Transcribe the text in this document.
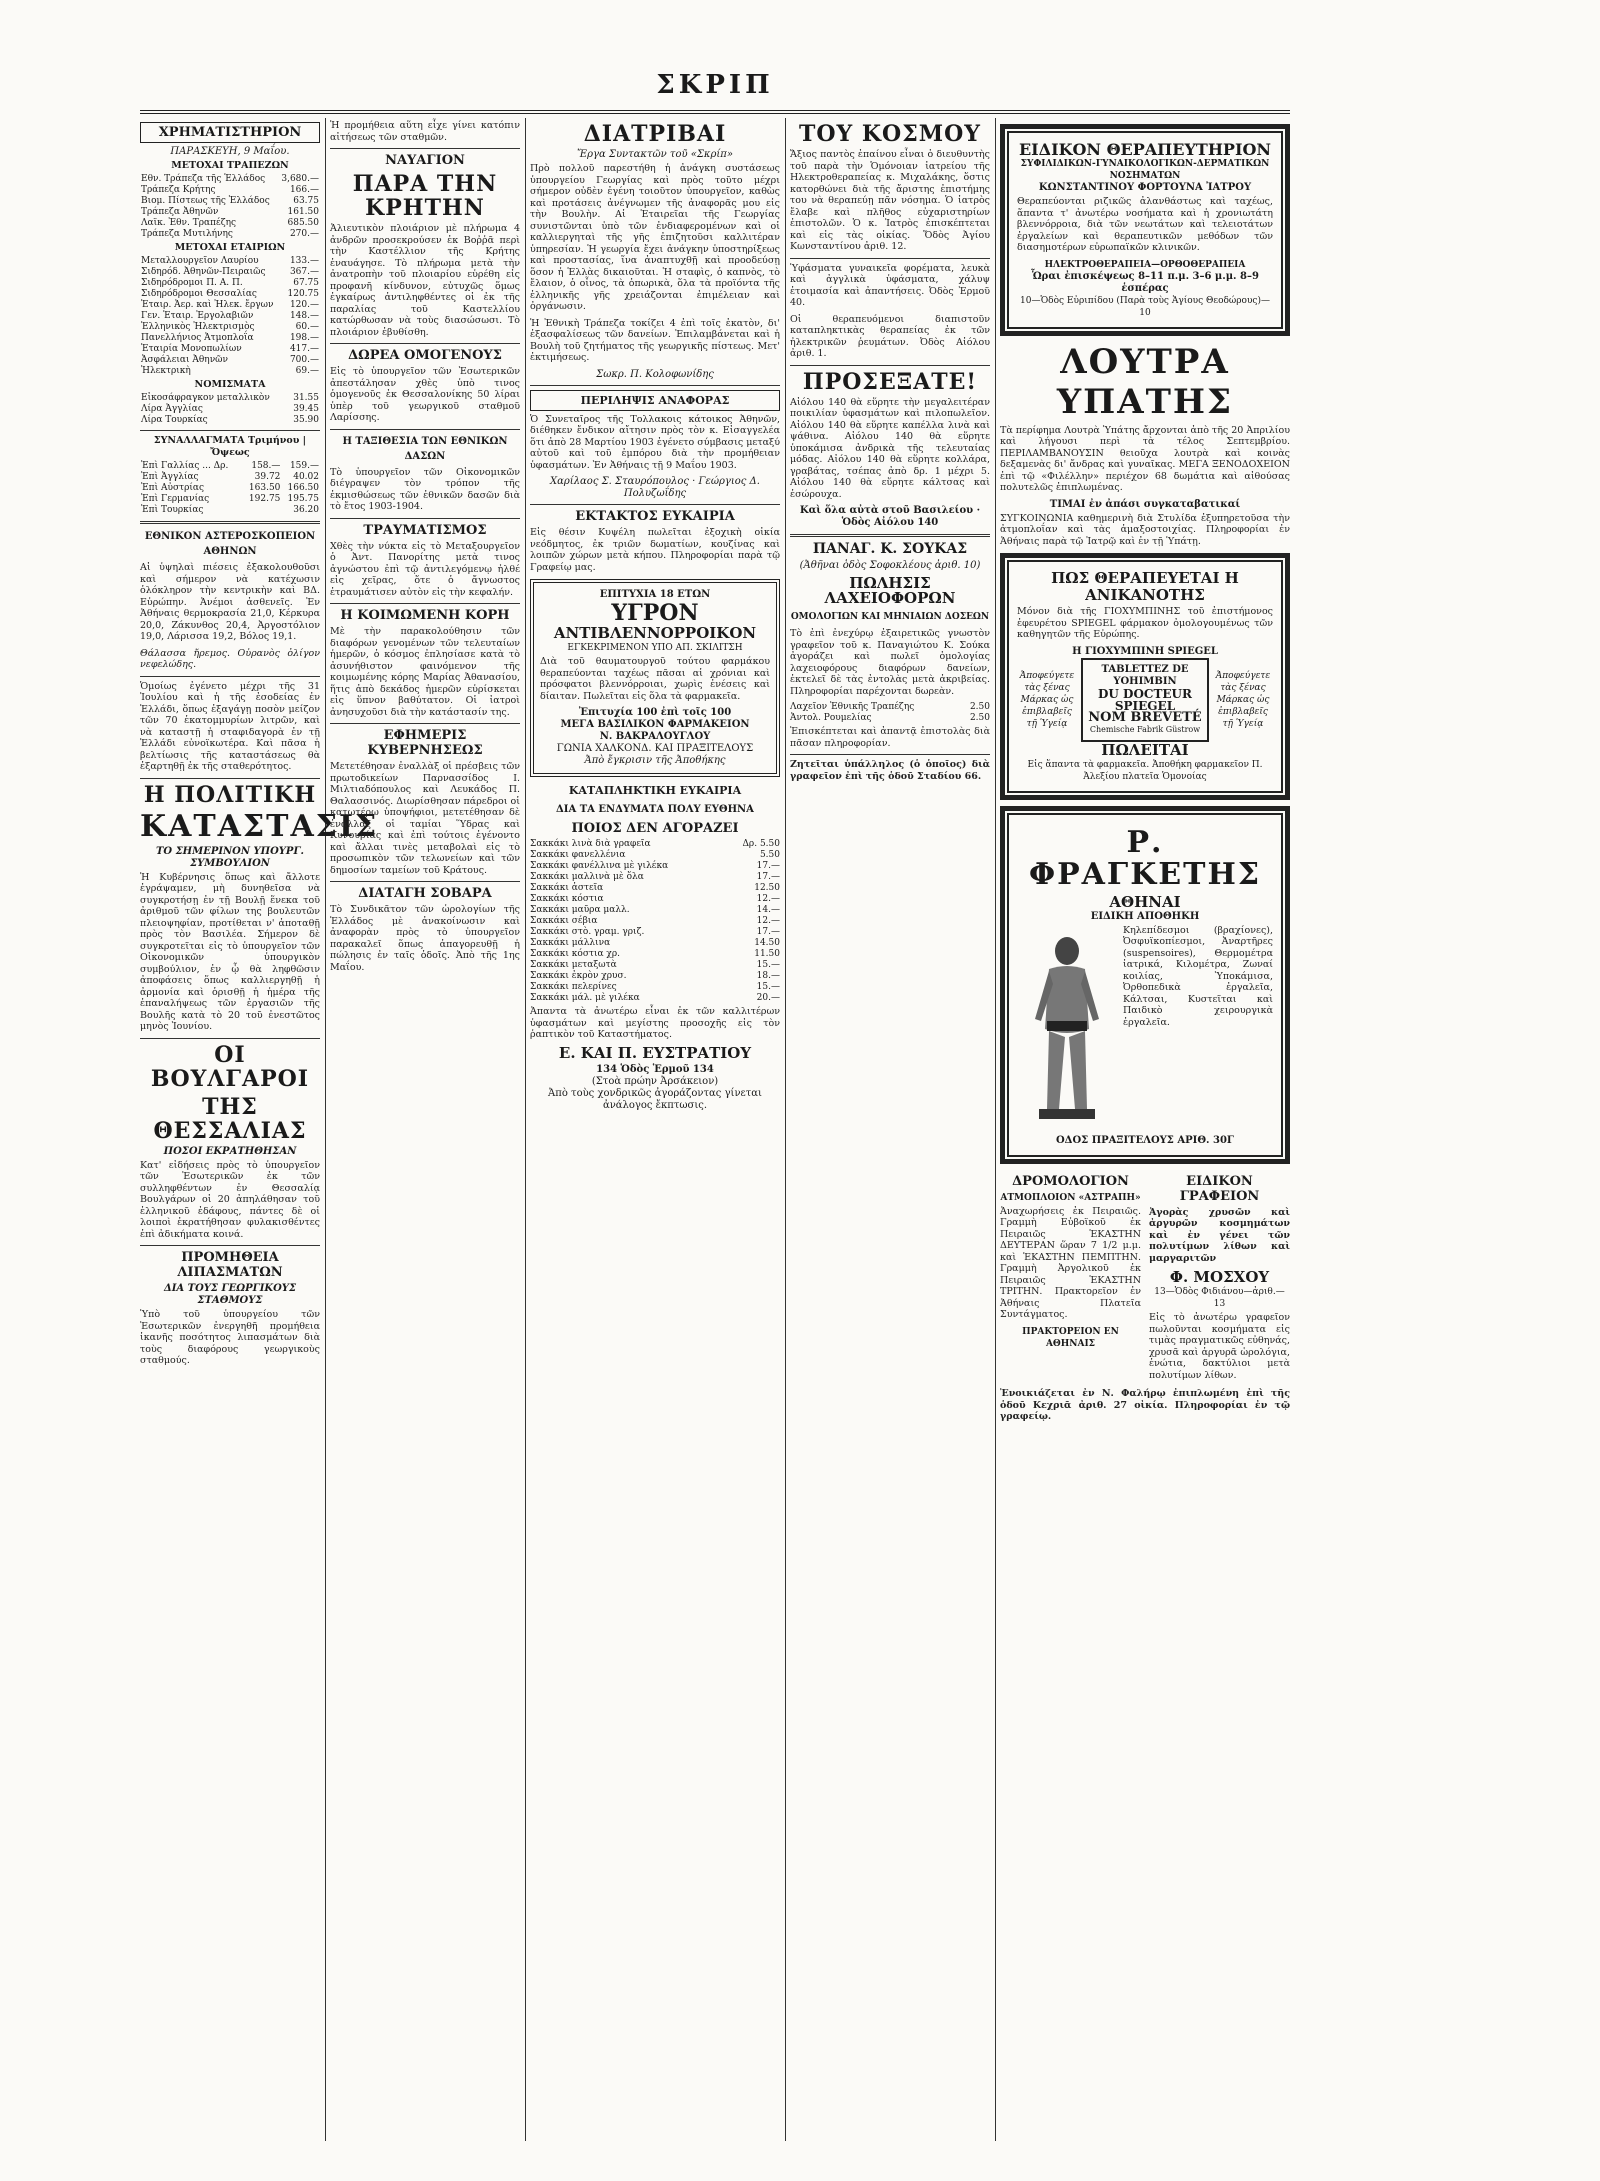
ΣΚΡΙΠ
ΧΡΗΜΑΤΙΣΤΗΡΙΟΝ
ΠΑΡΑΣΚΕΥΗ, 9 Μαΐου.
ΜΕΤΟΧΑΙ ΤΡΑΠΕΖΩΝ
Εθν. Τράπεζα τῆς Ἑλλάδος	3,680.—
Τράπεζα Κρήτης	166.—
Βιομ. Πίστεως τῆς Ἑλλάδος	63.75
Τράπεζα Ἀθηνῶν	161.50
Λαϊκ. Ἐθν. Τραπέζης	685.50
Τράπεζα Μυτιλήνης	270.—
ΜΕΤΟΧΑΙ ΕΤΑΙΡΙΩΝ
Μεταλλουργεῖον Λαυρίου	133.—
Σιδηρόδ. Ἀθηνῶν-Πειραιῶς	367.—
Σιδηρόδρομοι Π. Α. Π.	67.75
Σιδηρόδρομοι Θεσσαλίας	120.75
Ἑταιρ. Ἀερ. καὶ Ἠλεκ. ἔργων	120.—
Γεν. Ἑταιρ. Ἐργολαβιῶν	148.—
Ἑλληνικὸς Ἠλεκτρισμὸς	60.—
Πανελλήνιος Ἀτμοπλοΐα	198.—
Ἑταιρία Μονοπωλίων	417.—
Ἀσφάλειαι Ἀθηνῶν	700.—
Ἠλεκτρικὴ	69.—
ΝΟΜΙΣΜΑΤΑ
Εἰκοσάφραγκον μεταλλικὸν	31.55
Λίρα Ἀγγλίας	39.45
Λίρα Τουρκίας	35.90
ΣΥΝΑΛΛΑΓΜΑΤΑ Τριμήνου | Ὄψεως
Ἐπὶ Γαλλίας ... Δρ.	158.—	159.—
Ἐπὶ Ἀγγλίας	39.72	40.02
Ἐπὶ Αὐστρίας	163.50	166.50
Ἐπὶ Γερμανίας	192.75	195.75
Ἐπὶ Τουρκίας		36.20
ΕΘΝΙΚΟΝ ΑΣΤΕΡΟΣΚΟΠΕΙΟΝ ΑΘΗΝΩΝ
Αἱ ὑψηλαὶ πιέσεις ἐξακολουθοῦσι καὶ σήμερον νὰ κατέχωσιν ὁλόκληρον τὴν κεντρικὴν καὶ ΒΔ. Εὐρώπην. Ἀνέμοι ἀσθενεῖς. Ἐν Ἀθήναις θερμοκρασία 21,0, Κέρκυρα 20,0, Ζάκυνθος 20,4, Ἀργοστόλιον 19,0, Λάρισσα 19,2, Βόλος 19,1.
Θάλασσα ἤρεμος. Οὐρανὸς ὀλίγον νεφελώδης.
Ὁμοίως ἐγένετο μέχρι τῆς 31 Ἰουλίου καὶ ἡ τῆς ἐσοδείας ἐν Ἑλλάδι, ὅπως ἐξαγάγῃ ποσὸν μείζον τῶν 70 ἑκατομμυρίων λιτρῶν, καὶ νὰ καταστῇ ἡ σταφιδαγορὰ ἐν τῇ Ἑλλάδι εὐνοϊκωτέρα. Καὶ πᾶσα ἡ βελτίωσις τῆς καταστάσεως θὰ ἐξαρτηθῇ ἐκ τῆς σταθερότητος.
Η ΠΟΛΙΤΙΚΗ
ΚΑΤΑΣΤΑΣΙΣ
ΤΟ ΣΗΜΕΡΙΝΟΝ ΥΠΟΥΡΓ. ΣΥΜΒΟΥΛΙΟΝ
Ἡ Κυβέρνησις ὅπως καὶ ἄλλοτε ἐγράψαμεν, μὴ δυνηθεῖσα νὰ συγκροτήσῃ ἐν τῇ Βουλῇ ἕνεκα τοῦ ἀριθμοῦ τῶν φίλων της βουλευτῶν πλειοψηφίαν, προτίθεται ν' ἀποταθῇ πρὸς τὸν Βασιλέα. Σήμερον δὲ συγκροτεῖται εἰς τὸ ὑπουργεῖον τῶν Οἰκονομικῶν ὑπουργικὸν συμβούλιον, ἐν ᾧ θὰ ληφθῶσιν ἀποφάσεις ὅπως καλλιεργηθῇ ἡ ἀρμονία καὶ ὁρισθῇ ἡ ἡμέρα τῆς ἐπαναλήψεως τῶν ἐργασιῶν τῆς Βουλῆς κατὰ τὸ 20 τοῦ ἐνεστῶτος μηνὸς Ἰουνίου.
ΟΙ ΒΟΥΛΓΑΡΟΙ
ΤΗΣ ΘΕΣΣΑΛΙΑΣ
ΠΟΣΟΙ ΕΚΡΑΤΗΘΗΣΑΝ
Κατ' εἰδήσεις πρὸς τὸ ὑπουργεῖον τῶν Ἐσωτερικῶν ἐκ τῶν συλληφθέντων ἐν Θεσσαλίᾳ Βουλγάρων οἱ 20 ἀπηλάθησαν τοῦ ἑλληνικοῦ ἐδάφους, πάντες δὲ οἱ λοιποὶ ἐκρατήθησαν φυλακισθέντες ἐπὶ ἀδικήματα κοινά.
ΠΡΟΜΗΘΕΙΑ ΛΙΠΑΣΜΑΤΩΝ
ΔΙΑ ΤΟΥΣ ΓΕΩΡΓΙΚΟΥΣ ΣΤΑΘΜΟΥΣ
Ὑπὸ τοῦ ὑπουργείου τῶν Ἐσωτερικῶν ἐνεργηθῆ προμήθεια ἱκανῆς ποσότητος λιπασμάτων διὰ τοὺς διαφόρους γεωργικοὺς σταθμούς.
Ἡ προμήθεια αὕτη εἶχε γίνει κατόπιν αἰτήσεως τῶν σταθμῶν.
ΝΑΥΑΓΙΟΝ
ΠΑΡΑ ΤΗΝ ΚΡΗΤΗΝ
Ἀλιευτικὸν πλοιάριον μὲ πλήρωμα 4 ἀνδρῶν προσεκρούσεν ἐκ Βοῤῥᾶ περὶ τὴν Καστέλλιον τῆς Κρήτης ἐναυάγησε. Τὸ πλήρωμα μετὰ τὴν ἀνατροπὴν τοῦ πλοιαρίου εὑρέθη εἰς προφανῆ κίνδυνον, εὐτυχῶς ὅμως ἐγκαίρως ἀντιληφθέντες οἱ ἐκ τῆς παραλίας τοῦ Καστελλίου κατώρθωσαν νὰ τοὺς διασώσωσι. Τὸ πλοιάριον ἐβυθίσθη.
ΔΩΡΕΑ ΟΜΟΓΕΝΟΥΣ
Εἰς τὸ ὑπουργεῖον τῶν Ἐσωτερικῶν ἀπεστάλησαν χθὲς ὑπὸ τινος ὁμογενοῦς ἐκ Θεσσαλονίκης 50 λίραι ὑπὲρ τοῦ γεωργικοῦ σταθμοῦ Λαρίσσης.
Η ΤΑΞΙΘΕΣΙΑ ΤΩΝ ΕΘΝΙΚΩΝ ΔΑΣΩΝ
Τὸ ὑπουργεῖον τῶν Οἰκονομικῶν διέγραψεν τὸν τρόπον τῆς ἐκμισθώσεως τῶν ἐθνικῶν δασῶν διὰ τὸ ἔτος 1903-1904.
ΤΡΑΥΜΑΤΙΣΜΟΣ
Χθὲς τὴν νύκτα εἰς τὸ Μεταξουργεῖον ὁ Ἀντ. Πανορίτης μετὰ τινος ἀγνώστου ἐπὶ τῷ ἀντιλεγόμενῳ ἠλθέ εἰς χεῖρας, ὅτε ὁ ἄγνωστος ἐτραυμάτισεν αὐτὸν εἰς τὴν κεφαλήν.
Η ΚΟΙΜΩΜΕΝΗ ΚΟΡΗ
Μὲ τὴν παρακολούθησιν τῶν διαφόρων γενομένων τῶν τελευταίων ἡμερῶν, ὁ κόσμος ἐπλησίασε κατὰ τὸ ἀσυνήθιστον φαινόμενον τῆς κοιμωμένης κόρης Μαρίας Ἀθανασίου, ἥτις ἀπὸ δεκάδος ἡμερῶν εὑρίσκεται εἰς ὕπνον βαθύτατον. Οἱ ἰατροὶ ἀνησυχοῦσι διὰ τὴν κατάστασίν της.
ΕΦΗΜΕΡΙΣ ΚΥΒΕΡΝΗΣΕΩΣ
Μετετέθησαν ἐναλλὰξ οἱ πρέσβεις τῶν πρωτοδικείων Παρνασσίδος Ι. Μιλτιαδόπουλος καὶ Λευκάδος Π. Θαλασσινός. Διωρίσθησαν πάρεδροι οἱ κατωτέρω ὑποψήφιοι, μετετέθησαν δὲ ἐναλλὰξ οἱ ταμίαι Ὕδρας καὶ Κυνουρίας καὶ ἐπὶ τούτοις ἐγένοντο καὶ ἄλλαι τινὲς μεταβολαὶ εἰς τὸ προσωπικὸν τῶν τελωνείων καὶ τῶν δημοσίων ταμείων τοῦ Κράτους.
ΔΙΑΤΑΓΗ ΣΟΒΑΡΑ
Τὸ Συνδικᾶτον τῶν ὡρολογίων τῆς Ἑλλάδος μὲ ἀνακοίνωσιν καὶ ἀναφορὰν πρὸς τὸ ὑπουργεῖον παρακαλεῖ ὅπως ἀπαγορευθῇ ἡ πώλησις ἐν ταῖς ὁδοῖς. Ἀπὸ τῆς 1ης Μαΐου.
ΔΙΑΤΡΙΒΑΙ
Ἔργα Συντακτῶν τοῦ «Σκρίπ»
Πρὸ πολλοῦ παρεστήθη ἡ ἀνάγκη συστάσεως ὑπουργείου Γεωργίας καὶ πρὸς τοῦτο μέχρι σήμερον οὐδὲν ἐγένη τοιοῦτον ὑπουργεῖον, καθὼς καὶ προτάσεις ἀνέγνωμεν τῆς ἀναφορᾶς μου εἰς τὴν Βουλὴν. Αἱ Ἑταιρεῖαι τῆς Γεωργίας συνιστῶνται ὑπὸ τῶν ἐνδιαφερομένων καὶ οἱ καλλιεργηταὶ τῆς γῆς ἐπιζητοῦσι καλλιτέραν ὑπηρεσίαν. Ἡ γεωργία ἔχει ἀνάγκην ὑποστηρίξεως καὶ προστασίας, ἵνα ἀναπτυχθῇ καὶ προοδεύσῃ ὅσον ἡ Ἑλλὰς δικαιοῦται. Ἡ σταφὶς, ὁ καπνὸς, τὸ ἔλαιον, ὁ οἶνος, τὰ ὀπωρικὰ, ὅλα τὰ προϊόντα τῆς ἑλληνικῆς γῆς χρειάζονται ἐπιμέλειαν καὶ ὀργάνωσιν.
Ἡ Ἐθνικὴ Τράπεζα τοκίζει 4 ἐπὶ τοῖς ἑκατὸν, δι' ἐξασφαλίσεως τῶν δανείων. Ἐπιλαμβάνεται καὶ ἡ Βουλὴ τοῦ ζητήματος τῆς γεωργικῆς πίστεως. Μετ' ἐκτιμήσεως.
Σωκρ. Π. Κολοφωνίδης
ΠΕΡΙΛΗΨΙΣ ΑΝΑΦΟΡΑΣ
Ὁ Συνεταῖρος τῆς Τολλακοις κάτοικος Ἀθηνῶν, διέθηκεν ἔνδικον αἴτησιν πρὸς τὸν κ. Εἰσαγγελέα ὅτι ἀπὸ 28 Μαρτίου 1903 ἐγένετο σύμβασις μεταξύ αὐτοῦ καὶ τοῦ ἐμπόρου διὰ τὴν προμήθειαν ὑφασμάτων. Ἐν Ἀθήναις τῇ 9 Μαΐου 1903.
Χαρίλαος Σ. Σταυρόπουλος · Γεώργιος Δ. Πολυζωΐδης
ΕΚΤΑΚΤΟΣ ΕΥΚΑΙΡΙΑ
Εἰς θέσιν Κυψέλη πωλεῖται ἐξοχικὴ οἰκία νεόδμητος, ἐκ τριῶν δωματίων, κουζίνας καὶ λοιπῶν χώρων μετὰ κήπου. Πληροφορίαι παρὰ τῷ Γραφείῳ μας.
ΕΠΙΤΥΧΙΑ 18 ΕΤΩΝ
ΥΓΡΟΝ
ΑΝΤΙΒΛΕΝΝΟΡΡΟΙΚΟΝ
ΕΓΚΕΚΡΙΜΕΝΟΝ ΥΠΟ ΑΠ. ΣΚΙΛΙΤΣΗ
Διὰ τοῦ θαυματουργοῦ τούτου φαρμάκου θεραπεύονται ταχέως πᾶσαι αἱ χρόνιαι καὶ πρόσφατοι βλεννόρροιαι, χωρὶς ἐνέσεις καὶ δίαιταν. Πωλεῖται εἰς ὅλα τὰ φαρμακεῖα.
Ἐπιτυχία 100 ἐπὶ τοῖς 100
ΜΕΓΑ ΒΑΣΙΛΙΚΟΝ ΦΑΡΜΑΚΕΙΟΝ
Ν. ΒΑΚΡΑΛΟΥΓΛΟΥ
ΓΩΝΙΑ ΧΑΛΚΟΝΔ. ΚΑΙ ΠΡΑΞΙΤΕΛΟΥΣ
Ἀπὸ ἔγκρισιν τῆς Ἀποθήκης
ΚΑΤΑΠΛΗΚΤΙΚΗ ΕΥΚΑΙΡΙΑ
ΔΙΑ ΤΑ ΕΝΔΥΜΑΤΑ ΠΟΛΥ ΕΥΘΗΝΑ
ΠΟΙΟΣ ΔΕΝ ΑΓΟΡΑΖΕΙ
Σακκάκι λινὰ διὰ γραφεῖα	Δρ. 5.50
Σακκάκι φανελλένια	5.50
Σακκάκι φανέλλινα μὲ γιλέκα	17.—
Σακκάκι μαλλινὰ μὲ ὅλα	17.—
Σακκάκι ἀστεῖα	12.50
Σακκάκι κόστια	12.—
Σακκάκι μαῦρα μαλλ.	14.—
Σακκάκι σέβια	12.—
Σακκάκι στὸ. γραμ. γριζ.	17.—
Σακκάκι μάλλινα	14.50
Σακκάκι κόστια χρ.	11.50
Σακκάκι μεταξωτὰ	15.—
Σακκάκι ἐκρὸν χρυσ.	18.—
Σακκάκι πελερίνες	15.—
Σακκάκι μάλ. μὲ γιλέκα	20.—
Ἀπαντα τὰ ἀνωτέρω εἶναι ἐκ τῶν καλλιτέρων ὑφασμάτων καὶ μεγίστης προσοχῆς εἰς τὸν ῥαπτικὸν τοῦ Καταστήματος.
Ε. ΚΑΙ Π. ΕΥΣΤΡΑΤΙΟΥ
134 Ὁδὸς Ἑρμοῦ 134
(Στοὰ πρώην Ἀρσάκειον)
Ἀπὸ τοὺς χονδρικῶς ἀγοράζοντας γίνεται ἀνάλογος ἔκπτωσις.
ΤΟΥ ΚΟΣΜΟΥ
Ἄξιος παντὸς ἐπαίνου εἶναι ὁ διευθυντὴς τοῦ παρὰ τὴν Ὁμόνοιαν ἰατρείου τῆς Ηλεκτροθεραπείας κ. Μιχαλάκης, ὅστις κατορθώνει διὰ τῆς ἄριστης ἐπιστήμης του νὰ θεραπεύῃ πᾶν νόσημα. Ὁ ἰατρὸς ἔλαβε καὶ πλῆθος εὐχαριστηρίων ἐπιστολῶν. Ὁ κ. Ἰατρὸς ἐπισκέπτεται καὶ εἰς τὰς οἰκίας. Ὅδὸς Ἀγίου Κωνσταντίνου ἀριθ. 12.
Ὑφάσματα γυναικεῖα φορέματα, λευκὰ καὶ ἀγγλικὰ ὑφάσματα, χάλυψ ἐτοιμασία καὶ ἀπαντήσεις. Ὀδὸς Ἐρμοῦ 40.
Οἱ θεραπευόμενοι διαπιστοῦν καταπληκτικὰς θεραπείας ἐκ τῶν ἠλεκτρικῶν ῥευμάτων. Ὀδὸς Αἰόλου ἀριθ. 1.
ΠΡΟΣΕΞΑΤΕ!
Αἰόλου 140 θὰ εὕρητε τὴν μεγαλειτέραν ποικιλίαν ὑφασμάτων καὶ πιλοπωλεῖον. Αἰόλου 140 θὰ εὕρητε καπέλλα λινὰ καὶ ψάθινα. Αἰόλου 140 θὰ εὕρητε ὑποκάμισα ἀνδρικὰ τῆς τελευταίας μόδας. Αἰόλου 140 θὰ εὕρητε κολλάρα, γραβάτας, τσέπας ἀπὸ δρ. 1 μέχρι 5. Αἰόλου 140 θὰ εὕρητε κάλτσας καὶ ἐσώρουχα.
Καὶ ὅλα αὐτὰ στοῦ Βασιλείου · Ὁδὸς Αἰόλου 140
ΠΑΝΑΓ. Κ. ΣΟΥΚΑΣ
(Ἀθῆναι ὁδὸς Σοφοκλέους ἀριθ. 10)
ΠΩΛΗΣΙΣ ΛΑΧΕΙΟΦΟΡΩΝ
ΟΜΟΛΟΓΙΩΝ ΚΑΙ ΜΗΝΙΑΙΩΝ ΔΟΣΕΩΝ
Τὸ ἐπὶ ἐνεχύρῳ ἐξαιρετικῶς γνωστὸν γραφεῖον τοῦ κ. Παναγιώτου Κ. Σούκα ἀγοράζει καὶ πωλεῖ ὁμολογίας λαχειοφόρους διαφόρων δανείων, ἐκτελεῖ δὲ τὰς ἐντολὰς μετὰ ἀκριβείας. Πληροφορίαι παρέχονται δωρεὰν.
Λαχεῖον Ἐθνικῆς Τραπέζης	2.50
Ἀντολ. Ρουμελίας	2.50
Ἐπισκέπτεται καὶ ἀπαντᾷ ἐπιστολὰς διὰ πᾶσαν πληροφορίαν.
Ζητεῖται ὑπάλληλος (ὁ ὁποῖος) διὰ γραφεῖον ἐπὶ τῆς ὁδοῦ Σταδίου 66.
ΕΙΔΙΚΟΝ ΘΕΡΑΠΕΥΤΗΡΙΟΝ
ΣΥΦΙΛΙΔΙΚΩΝ-ΓΥΝΑΙΚΟΛΟΓΙΚΩΝ-ΔΕΡΜΑΤΙΚΩΝ ΝΟΣΗΜΑΤΩΝ
ΚΩΝΣΤΑΝΤΙΝΟΥ ΦΟΡΤΟΥΝΑ ἸΑΤΡΟΥ
Θεραπεύονται ριζικῶς ἀλανθάστως καὶ ταχέως, ἅπαντα τ' ἀνωτέρω νοσήματα καὶ ἡ χρονιωτάτη βλεννόρροια, διὰ τῶν νεωτάτων καὶ τελειοτάτων ἐργαλείων καὶ θεραπευτικῶν μεθόδων τῶν διασημοτέρων εὐρωπαϊκῶν κλινικῶν.
ΗΛΕΚΤΡΟΘΕΡΑΠΕΙΑ—ΟΡΘΟΘΕΡΑΠΕΙΑ
Ὧραι ἐπισκέψεως 8–11 π.μ. 3–6 μ.μ. 8–9 ἑσπέρας
10—Ὁδὸς Εὐριπίδου (Παρὰ τοὺς Ἁγίους Θεοδώρους)—10
ΛΟΥΤΡΑ ΥΠΑΤΗΣ
Τὰ περίφημα Λουτρὰ Ὑπάτης ἄρχονται ἀπὸ τῆς 20 Ἀπριλίου καὶ λήγουσι περὶ τὰ τέλος Σεπτεμβρίου. ΠΕΡΙΛΑΜΒΑΝΟΥΣΙΝ θειοῦχα λουτρὰ καὶ κοινὰς δεξαμενὰς δι' ἄνδρας καὶ γυναῖκας. ΜΕΓΑ ΞΕΝΟΔΟΧΕΙΟΝ ἐπὶ τῷ «Φιλέλλην» περιέχον 68 δωμάτια καὶ αἰθούσας πολυτελῶς ἐπιπλωμένας.
ΤΙΜΑΙ ἐν ἀπάσι συγκαταβατικαί
ΣΥΓΚΟΙΝΩΝΙΑ καθημερινὴ διὰ Στυλίδα ἐξυπηρετοῦσα τὴν ἀτμοπλοΐαν καὶ τὰς ἀμαξοστοιχίας. Πληροφορίαι ἐν Ἀθήναις παρὰ τῷ Ἰατρῷ καὶ ἐν τῇ Ὑπάτῃ.
ΠΩΣ ΘΕΡΑΠΕΥΕΤΑΙ Η ΑΝΙΚΑΝΟΤΗΣ
Μόνον διὰ τῆς ΓΙΟΧΥΜΠΙΝΗΣ τοῦ ἐπιστήμονος ἐφευρέτου SPIEGEL φάρμακον ὀμολογουμένως τῶν καθηγητῶν τῆς Εὐρώπης.
Η ΓΙΟΧΥΜΠΙΝΗ SPIEGEL
Ἀποφεύγετε τὰς ξένας Μάρκας ὡς ἐπιβλαβεῖς τῇ Ὑγείᾳ
TABLETTEZ DE YOHIMBIN
DU DOCTEUR SPIEGEL
NOM BREVETÉ
Chemische Fabrik Güstrow
Ἀποφεύγετε τὰς ξένας Μάρκας ὡς ἐπιβλαβεῖς τῇ Ὑγείᾳ
ΠΩΛΕΙΤΑΙ
Εἰς ἅπαντα τὰ φαρμακεῖα. Ἀποθήκη φαρμακεῖον Π. Ἀλεξίου πλατεῖα Ὁμονοίας
Ρ. ΦΡΑΓΚΕΤΗΣ
ΑΘΗΝΑΙ
ΕΙΔΙΚΗ ΑΠΟΘΗΚΗ
Κηλεπίδεσμοι (βραχίονες), Ὀσφυϊκοπίεσμοι, Ἀναρτῆρες (suspensoires), Θερμομέτρα ἰατρικά, Κιλομέτρα, Ζωναί κοιλίας, Ὑποκάμισα, Ὀρθοπεδικὰ ἐργαλεῖα, Κάλτσαι, Κυστεῖται καὶ Παιδικὸ χειρουργικὰ ἐργαλεῖα.
ΟΔΟΣ ΠΡΑΞΙΤΕΛΟΥΣ ΑΡΙΘ. 30Γ
ΔΡΟΜΟΛΟΓΙΟΝ
ΑΤΜΟΠΛΟΙΟΝ «ΑΣΤΡΑΠΗ»
Ἀναχωρήσεις ἐκ Πειραιῶς. Γραμμὴ Εὐβοϊκοῦ ἐκ Πειραιῶς ἙΚΑΣΤΗΝ ΔΕΥΤΕΡΑΝ ὥραν 7 1/2 μ.μ. καὶ ἙΚΑΣΤΗΝ ΠΕΜΠΤΗΝ. Γραμμὴ Ἀργολικοῦ ἐκ Πειραιῶς ἙΚΑΣΤΗΝ ΤΡΙΤΗΝ. Πρακτορεῖον ἐν Ἀθήναις Πλατεῖα Συντάγματος.
ΠΡΑΚΤΟΡΕΙΟΝ ΕΝ ΑΘΗΝΑΙΣ
ΕΙΔΙΚΟΝ ΓΡΑΦΕΙΟΝ
Ἀγορὰς χρυσῶν καὶ ἀργυρῶν κοσμημάτων καὶ ἐν γένει τῶν πολυτίμων λίθων καὶ μαργαριτῶν
Φ. ΜΟΣΧΟΥ
13—Ὁδὸς Φιδιάνου—ἀριθ.—13
Εἰς τὸ ἀνωτέρω γραφεῖον πωλοῦνται κοσμήματα εἰς τιμὰς πραγματικῶς εὐθηνάς, χρυσᾶ καὶ ἀργυρᾶ ὡρολόγια, ἐνώτια, δακτύλιοι μετὰ πολυτίμων λίθων.
Ἐνοικιάζεται ἐν Ν. Φαλήρῳ ἐπιπλωμένη ἐπὶ τῆς ὁδοῦ Κεχριᾶ ἀριθ. 27 οἰκία. Πληροφορίαι ἐν τῷ γραφείῳ.
